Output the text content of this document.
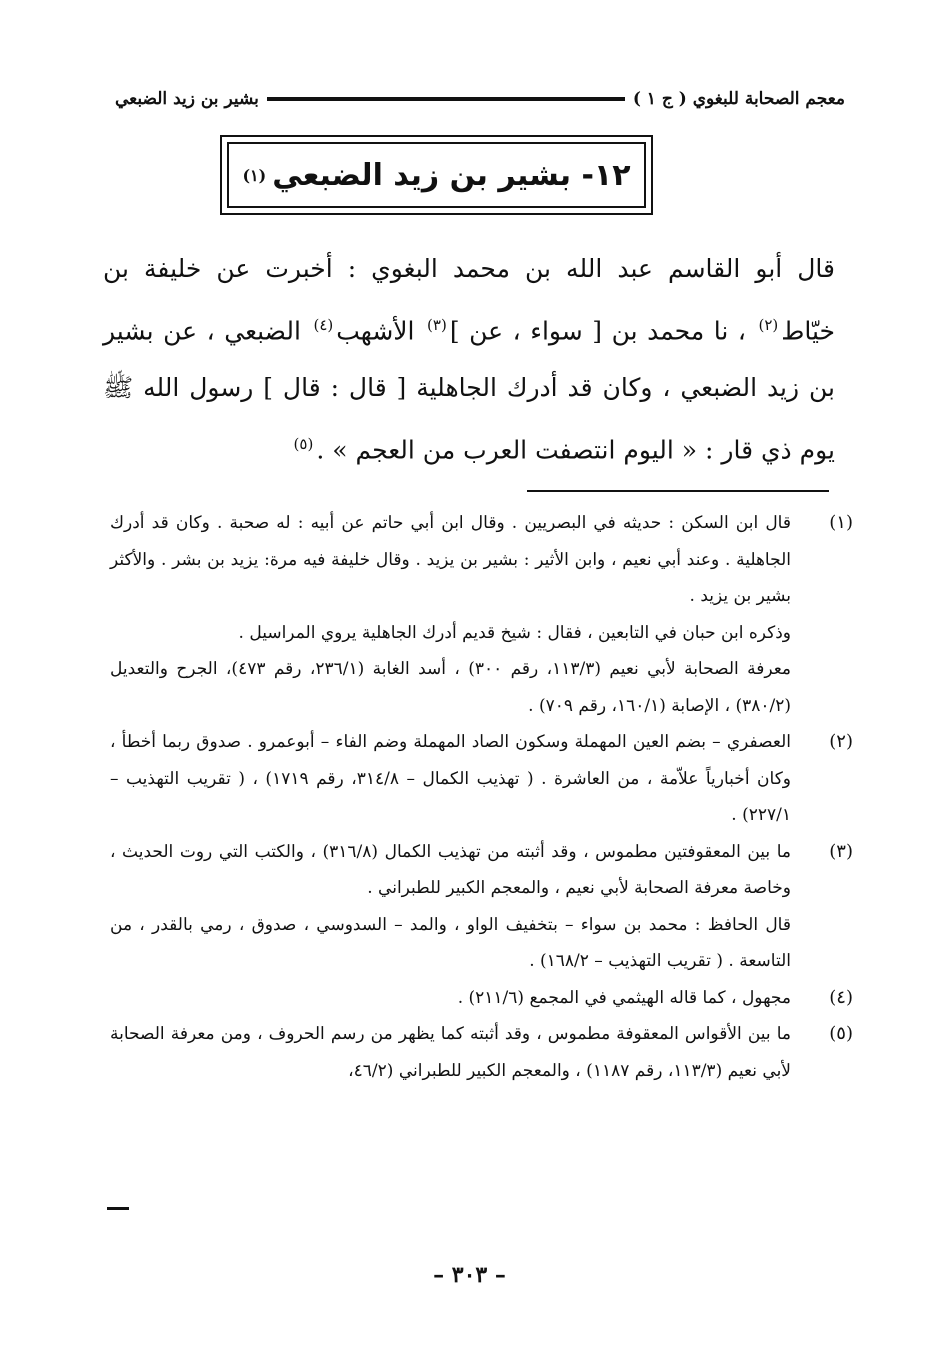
معجم الصحابة للبغوي ( ج ١ )
بشير بن زيد الضبعي
١٢- بشير بن زيد الضبعي
(١)
قال أبو القاسم عبد الله بن محمد البغوي : أخبرت عن خليفة بن خيّاط$^{(٢)}$ ، نا محمد بن [ سواء ، عن ]$^{(٣)}$ الأشهب$^{(٤)}$ الضبعي ، عن بشير بن زيد الضبعي ، وكان قد أدرك الجاهلية [ قال : قال ] رسول الله ﷺ يوم ذي قار : « اليوم انتصفت العرب من العجم » .$^{(٥)}$
(١)

قال ابن السكن : حديثه في البصريين . وقال ابن أبي حاتم عن أبيه : له صحبة . وكان قد أدرك الجاهلية . وعند أبي نعيم ، وابن الأثير : بشير بن يزيد . وقال خليفة فيه مرة: يزيد بن بشر . والأكثر بشير بن يزيد .

وذكره ابن حبان في التابعين ، فقال : شيخ قديم أدرك الجاهلية يروي المراسيل .

معرفة الصحابة لأبي نعيم (١١٣/٣، رقم ٣٠٠) ، أسد الغابة (٢٣٦/١، رقم ٤٧٣)، الجرح والتعديل (٣٨٠/٢) ، الإصابة (١٦٠/١، رقم ٧٠٩) .

(٢)

العصفري – بضم العين المهملة وسكون الصاد المهملة وضم الفاء – أبوعمرو . صدوق ربما أخطأ ، وكان أخبارياً علاّمة ، من العاشرة . ( تهذيب الكمال – ٣١٤/٨، رقم ١٧١٩) ، ( تقريب التهذيب – ٢٢٧/١) .

(٣)

ما بين المعقوفتين مطموس ، وقد أثبته من تهذيب الكمال (٣١٦/٨) ، والكتب التي روت الحديث ، وخاصة معرفة الصحابة لأبي نعيم ، والمعجم الكبير للطبراني .

قال الحافظ : محمد بن سواء – بتخفيف الواو ، والمد – السدوسي ، صدوق ، رمي بالقدر ، من التاسعة . ( تقريب التهذيب – ١٦٨/٢) .

(٤)

مجهول ، كما قاله الهيثمي في المجمع (٢١١/٦) .

(٥)

ما بين الأقواس المعقوفة مطموس ، وقد أثبته كما يظهر من رسم الحروف ، ومن معرفة الصحابة لأبي نعيم (١١٣/٣، رقم ١١٨٧) ، والمعجم الكبير للطبراني (٤٦/٢،

– ٣٠٣ –
